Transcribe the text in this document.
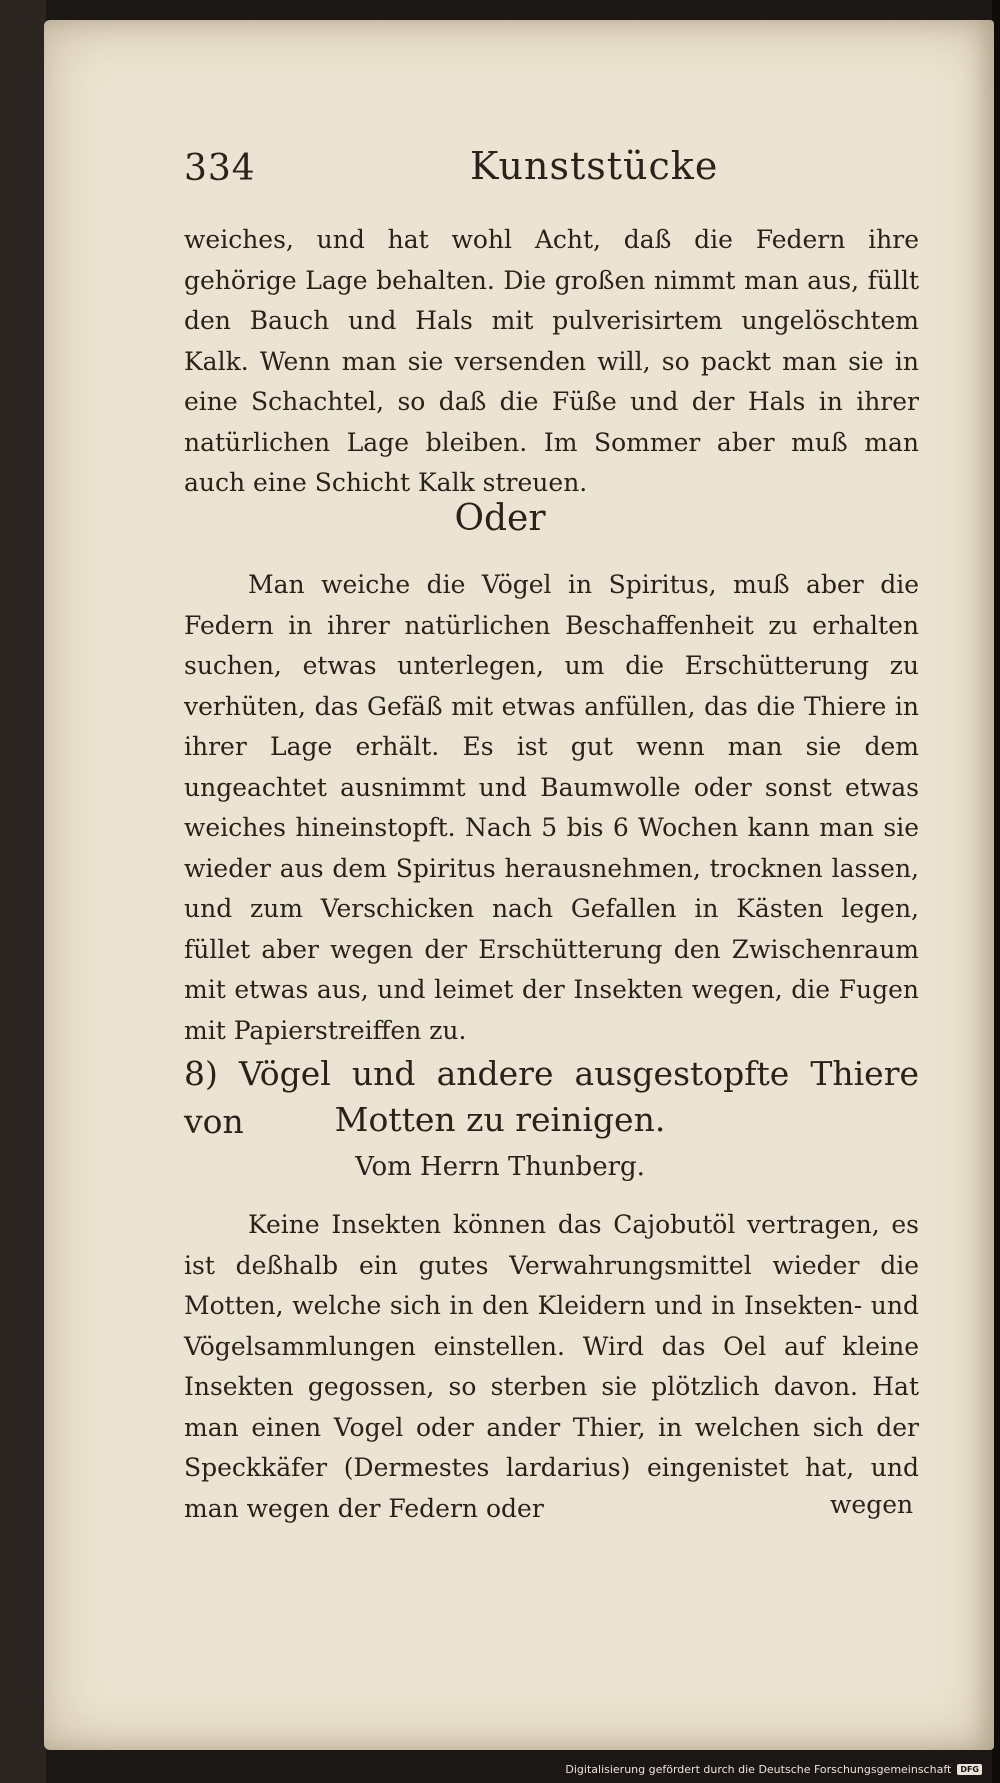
334	Kunststücke

weiches, und hat wohl Acht, daß die Federn ihre gehörige Lage behalten. Die großen nimmt man aus, füllt den Bauch und Hals mit pulverisirtem ungelöschtem Kalk. Wenn man sie versenden will, so packt man sie in eine Schachtel, so daß die Füße und der Hals in ihrer natürlichen Lage bleiben. Im Sommer aber muß man auch eine Schicht Kalk streuen.

Oder

Man weiche die Vögel in Spiritus, muß aber die Federn in ihrer natürlichen Beschaffenheit zu erhalten suchen, etwas unterlegen, um die Erschütterung zu verhüten, das Gefäß mit etwas anfüllen, das die Thiere in ihrer Lage erhält. Es ist gut wenn man sie dem ungeachtet ausnimmt und Baumwolle oder sonst etwas weiches hineinstopft. Nach 5 bis 6 Wochen kann man sie wieder aus dem Spiritus herausnehmen, trocknen lassen, und zum Verschicken nach Gefallen in Kästen legen, füllet aber wegen der Erschütterung den Zwischenraum mit etwas aus, und leimet der Insekten wegen, die Fugen mit Papierstreiffen zu.

8) Vögel und andere ausgestopfte Thiere von	Motten zu reinigen.
Vom Herrn Thunberg.

Keine Insekten können das Cajobutöl vertragen, es ist deßhalb ein gutes Verwahrungsmittel wieder die Motten, welche sich in den Kleidern und in Insekten- und Vögelsammlungen einstellen. Wird das Oel auf kleine Insekten gegossen, so sterben sie plötzlich davon. Hat man einen Vogel oder ander Thier, in welchen sich der Speckkäfer (Dermestes lardarius) eingenistet hat, und man wegen der Federn oder	wegen
Digitalisierung gefördert durch die Deutsche Forschungsgemeinschaft	DFG
